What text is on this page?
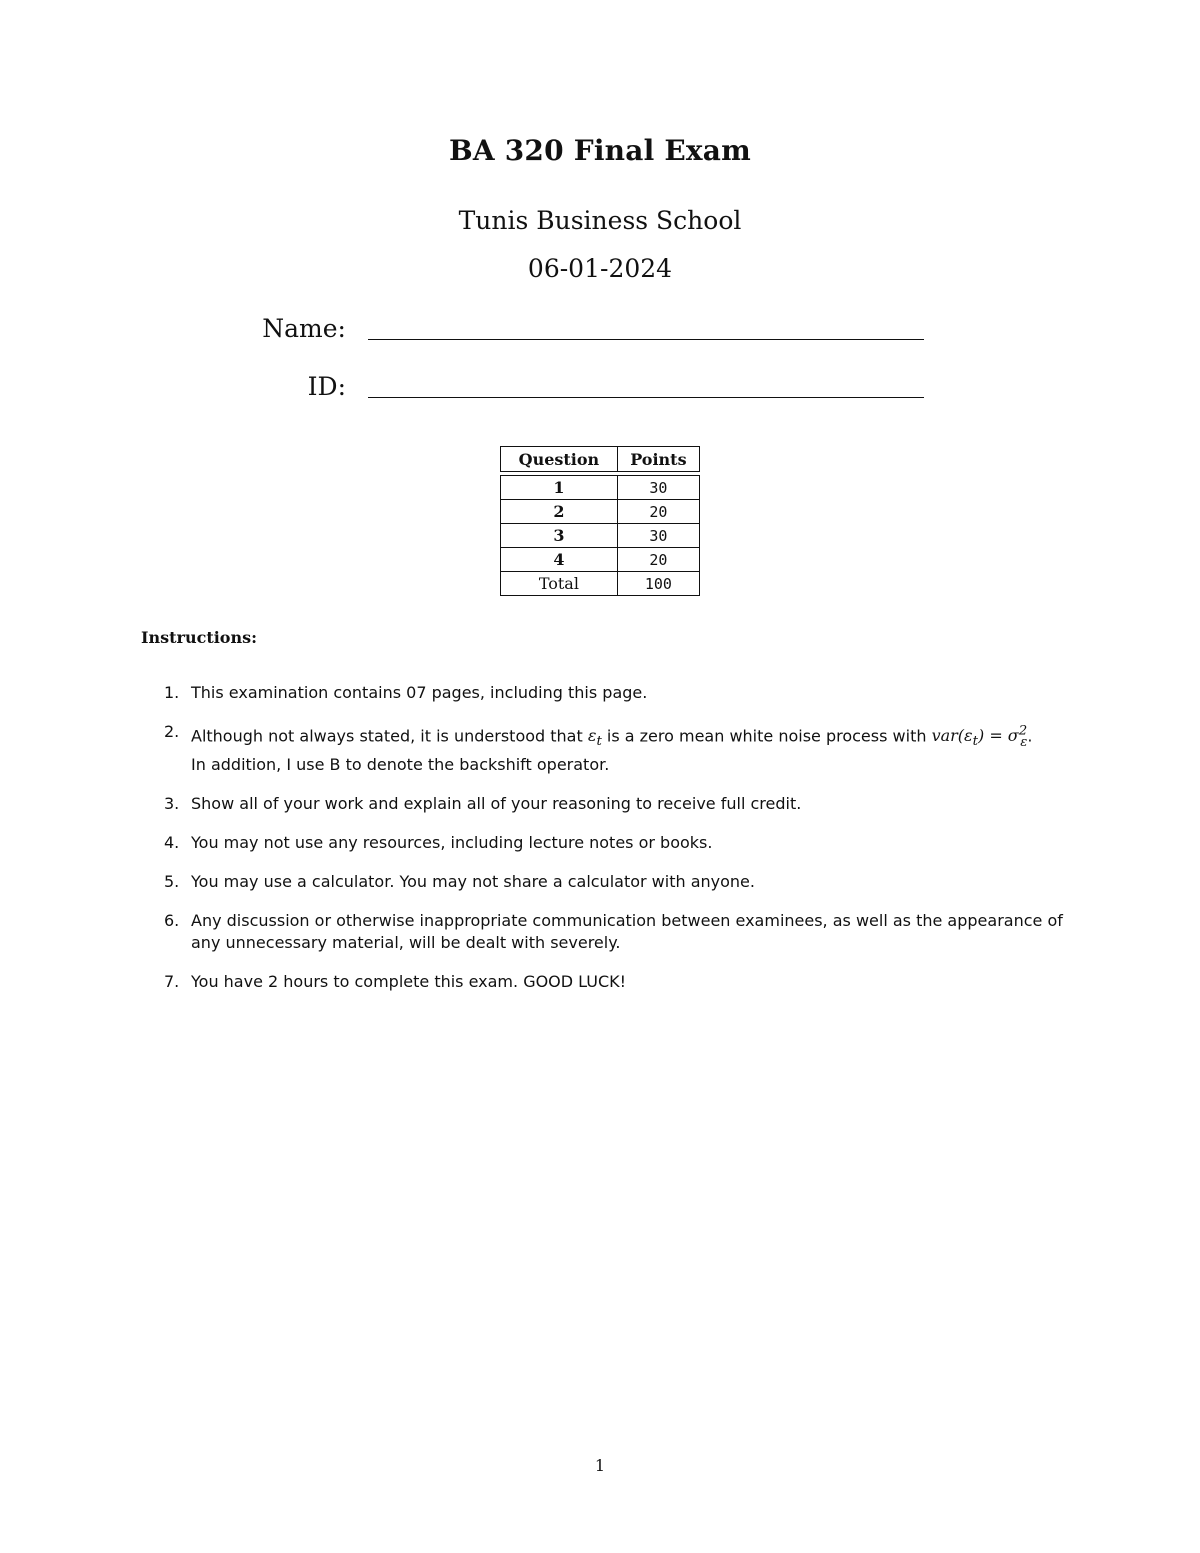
BA 320 Final Exam
Tunis Business School
06-01-2024
Name:
ID:
Question	Points

1	30
2	20
3	30
4	20
Total	100
Instructions:
1. This examination contains 07 pages, including this page.
2. Although not always stated, it is understood that $\varepsilon_t$ is a zero mean white noise process with $var(\varepsilon_t) = \sigma^2_\varepsilon$.
In addition, I use B to denote the backshift operator.
3. Show all of your work and explain all of your reasoning to receive full credit.
4. You may not use any resources, including lecture notes or books.
5. You may use a calculator. You may not share a calculator with anyone.
6. Any discussion or otherwise inappropriate communication between examinees, as well as the appearance of any unnecessary material, will be dealt with severely.
7. You have 2 hours to complete this exam. GOOD LUCK!
1
